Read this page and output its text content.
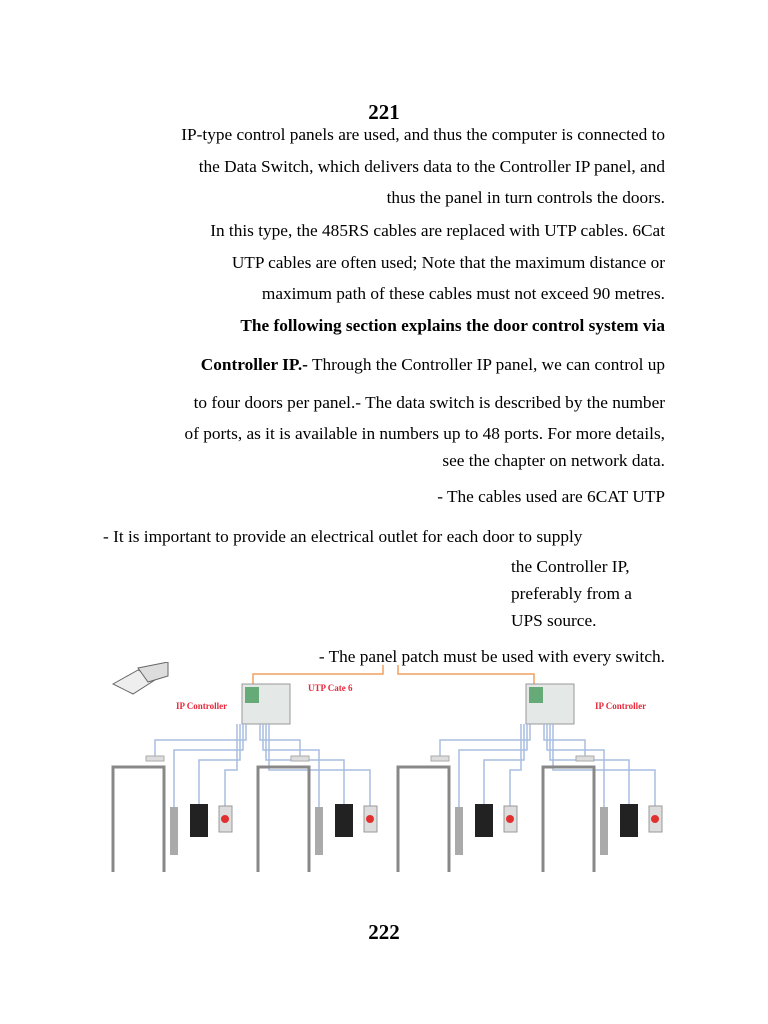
221
IP-type control panels are used, and thus the computer is connected to
the Data Switch, which delivers data to the Controller IP panel, and
thus the panel in turn controls the doors.
In this type, the 485RS cables are replaced with UTP cables. 6Cat
UTP cables are often used; Note that the maximum distance or
maximum path of these cables must not exceed 90 metres.
The following section explains the door control system via
Controller IP.- Through the Controller IP panel, we can control up
to four doors per panel.- The data switch is described by the number
of ports, as it is available in numbers up to 48 ports. For more details,
see the chapter on network data.
- The cables used are 6CAT UTP
- It is important to provide an electrical outlet for each door to supply
the Controller IP,
preferably from a
UPS source.
- The panel patch must be used with every switch.
UTP Cate 6
IP Controller	IP Controller
222
